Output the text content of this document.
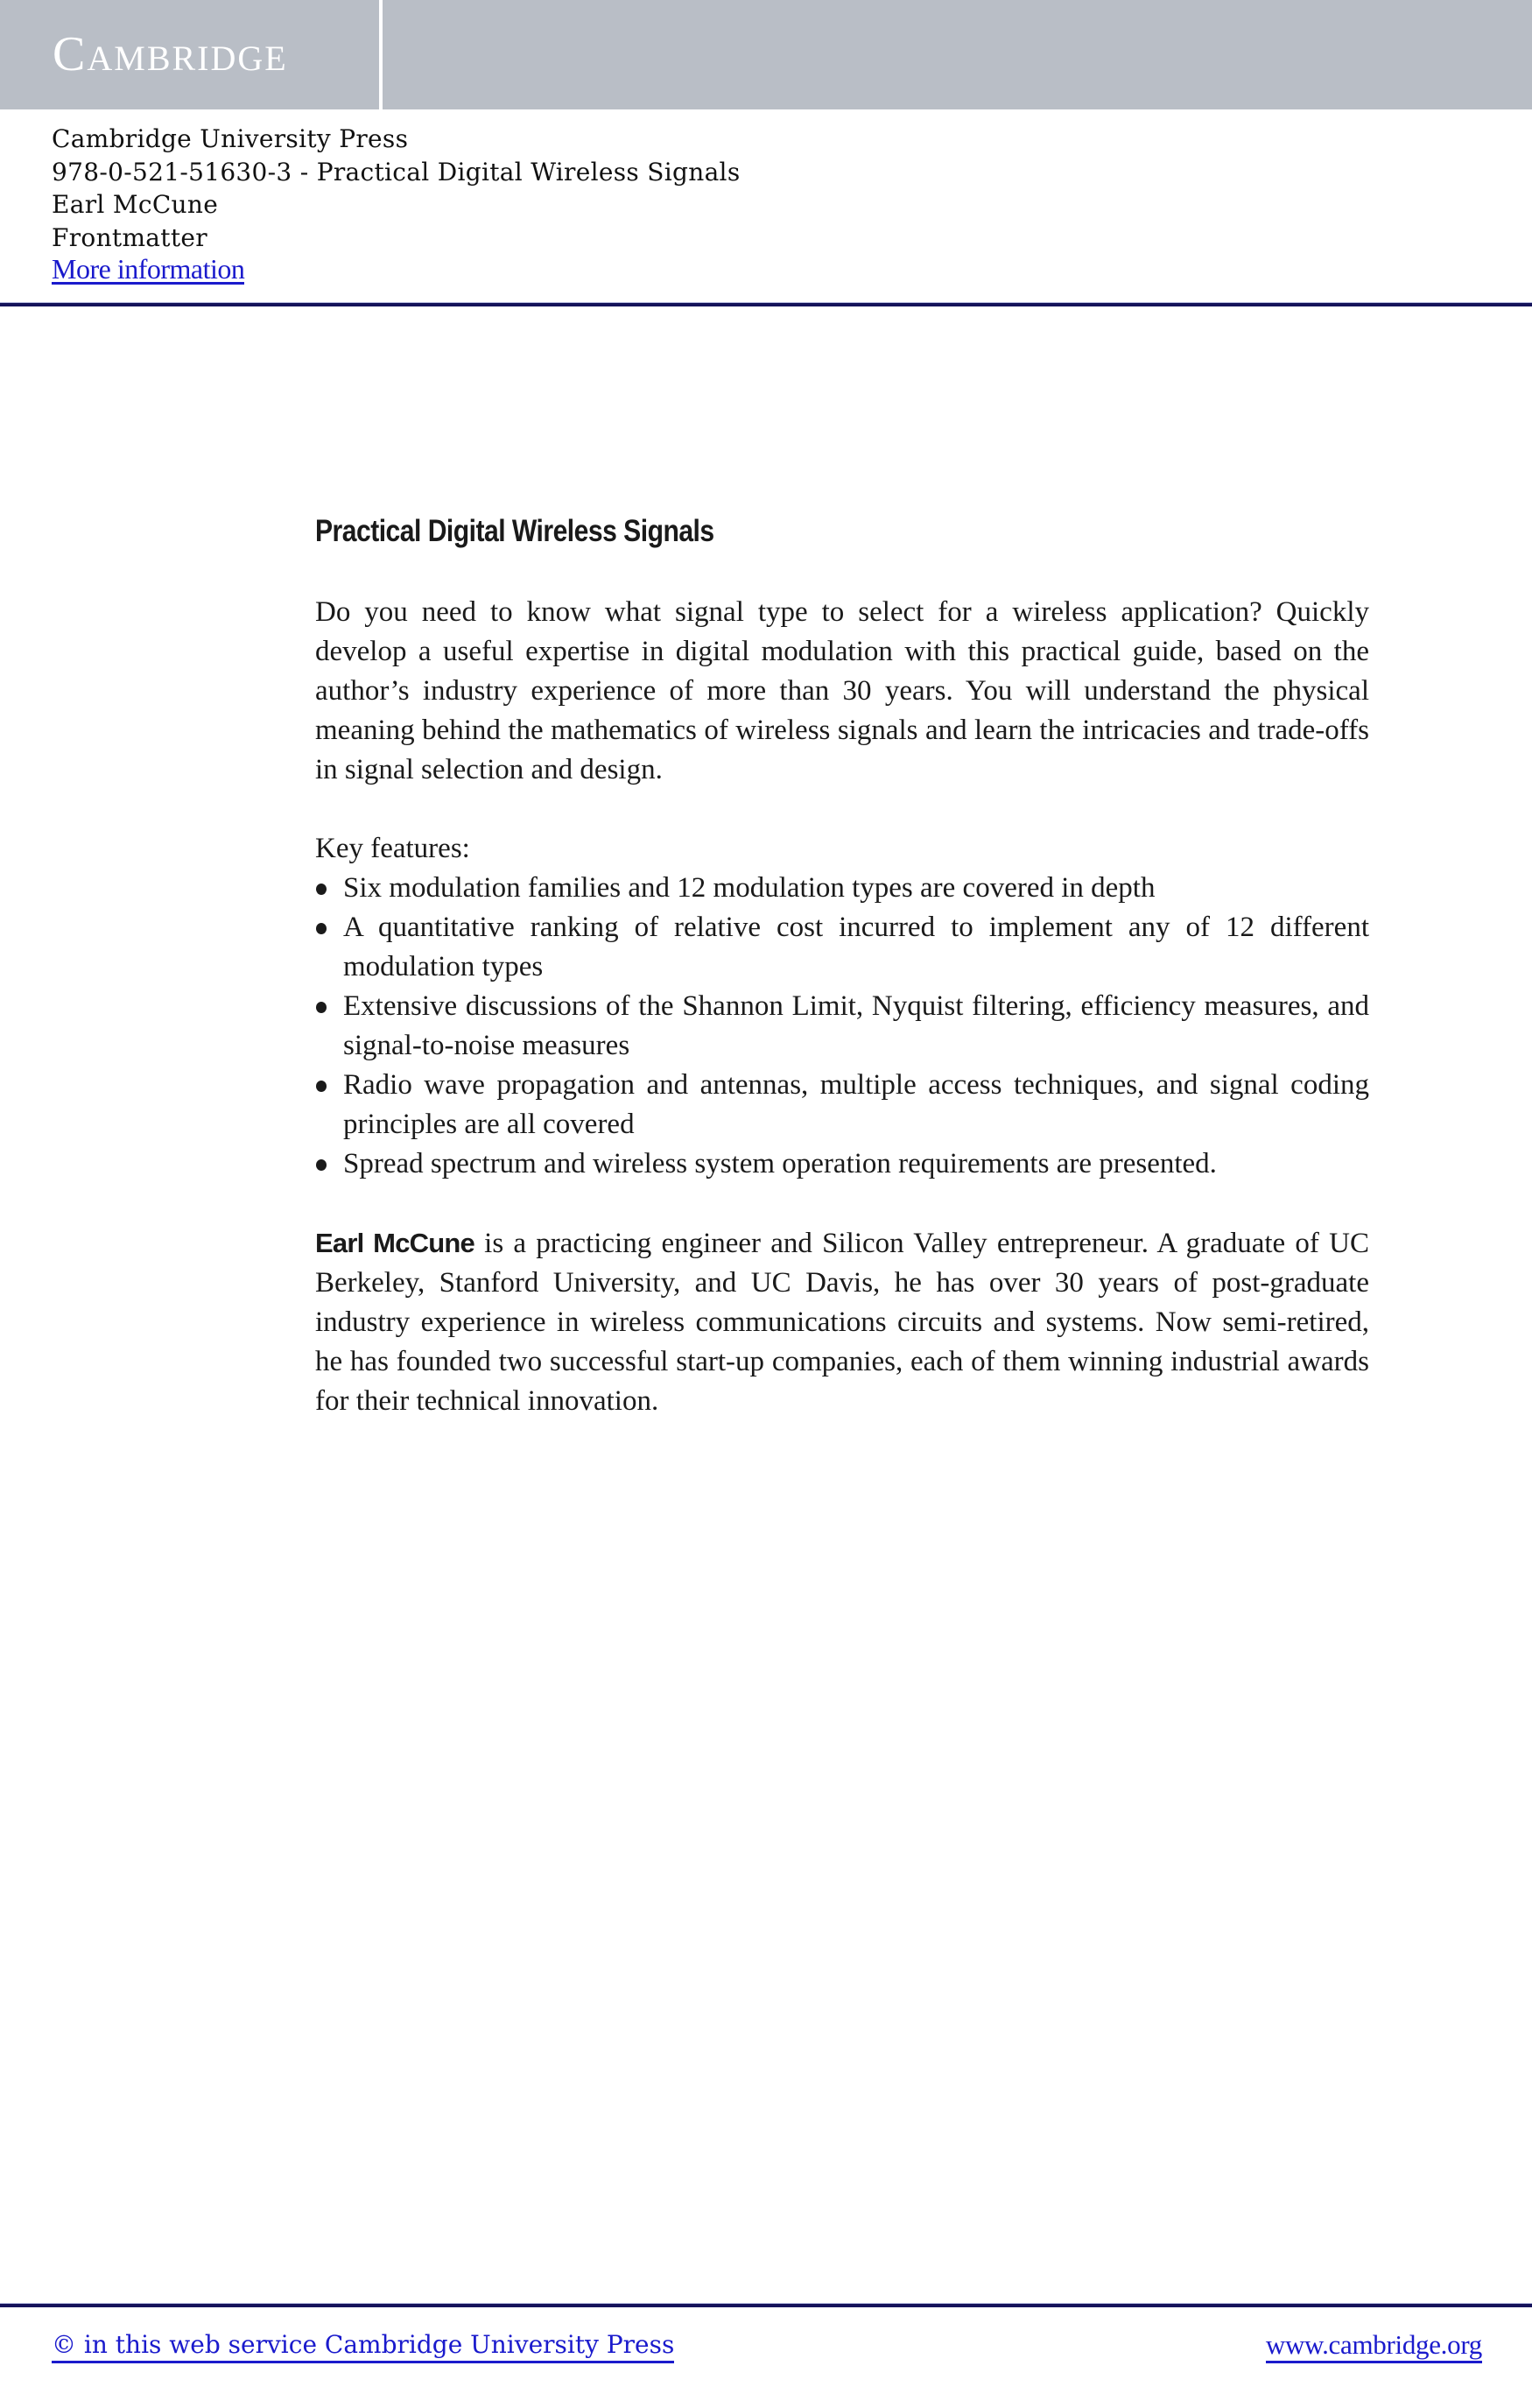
CAMBRIDGE
Cambridge University Press
978-0-521-51630-3 - Practical Digital Wireless Signals
Earl McCune
Frontmatter
More information
Practical Digital Wireless Signals

Do you need to know what signal type to select for a wireless application? Quickly develop a useful expertise in digital modulation with this practical guide, based on the author’s industry experience of more than 30 years. You will understand the physical meaning behind the mathematics of wireless signals and learn the intricacies and trade-offs in signal selection and design.

Key features:

Six modulation families and 12 modulation types are covered in depth
A quantitative ranking of relative cost incurred to implement any of 12 different modulation types
Extensive discussions of the Shannon Limit, Nyquist filtering, efficiency measures, and signal-to-noise measures
Radio wave propagation and antennas, multiple access techniques, and signal coding principles are all covered
Spread spectrum and wireless system operation requirements are presented.

Earl McCune is a practicing engineer and Silicon Valley entrepreneur. A graduate of UC Berkeley, Stanford University, and UC Davis, he has over 30 years of post-graduate industry experience in wireless communications circuits and systems. Now semi-retired, he has founded two successful start-up companies, each of them winning industrial awards for their technical innovation.

© in this web service Cambridge University Press	www.cambridge.org
